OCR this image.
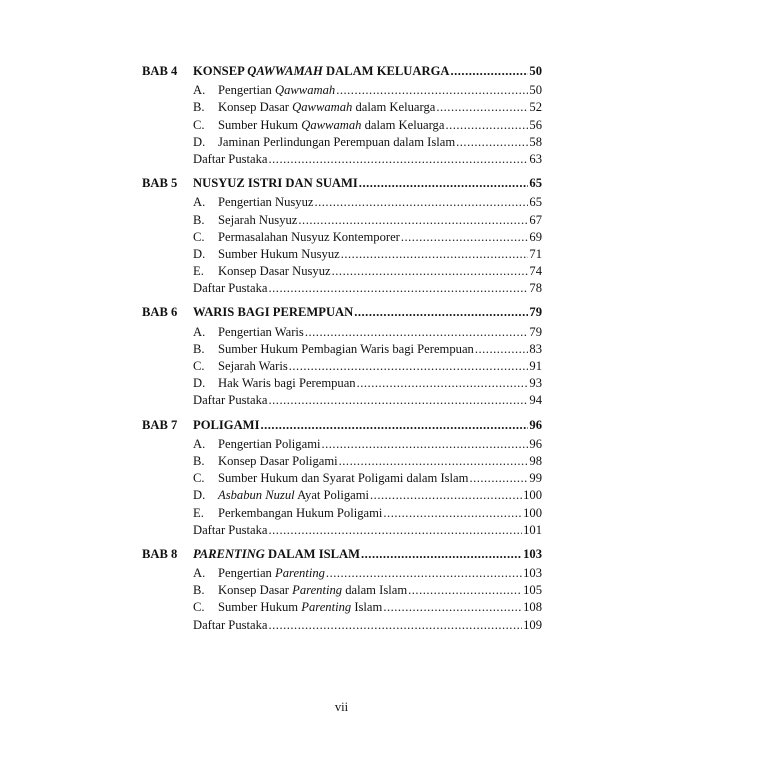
BAB 4	KONSEP QAWWAMAH DALAM KELUARGA .....	50
A.	Pengertian Qawwamah .....	50
B.	Konsep Dasar Qawwamah dalam Keluarga .....	52
C.	Sumber Hukum Qawwamah dalam Keluarga .....	56
D.	Jaminan Perlindungan Perempuan dalam Islam .....	58
Daftar Pustaka .....	63
BAB 5	NUSYUZ ISTRI DAN SUAMI .....	65
A.	Pengertian Nusyuz .....	65
B.	Sejarah Nusyuz .....	67
C.	Permasalahan Nusyuz Kontemporer .....	69
D.	Sumber Hukum Nusyuz .....	71
E.	Konsep Dasar Nusyuz .....	74
Daftar Pustaka .....	78
BAB 6	WARIS BAGI PEREMPUAN .....	79
A.	Pengertian Waris .....	79
B.	Sumber Hukum Pembagian Waris bagi Perempuan .....	83
C.	Sejarah Waris .....	91
D.	Hak Waris bagi Perempuan .....	93
Daftar Pustaka .....	94
BAB 7	POLIGAMI .....	96
A.	Pengertian Poligami .....	96
B.	Konsep Dasar Poligami .....	98
C.	Sumber Hukum dan Syarat Poligami dalam Islam .....	99
D.	Asbabun Nuzul Ayat Poligami .....	100
E.	Perkembangan Hukum Poligami .....	100
Daftar Pustaka .....	101
BAB 8	PARENTING DALAM ISLAM .....	103
A.	Pengertian Parenting .....	103
B.	Konsep Dasar Parenting dalam Islam .....	105
C.	Sumber Hukum Parenting Islam .....	108
Daftar Pustaka .....	109
vii
